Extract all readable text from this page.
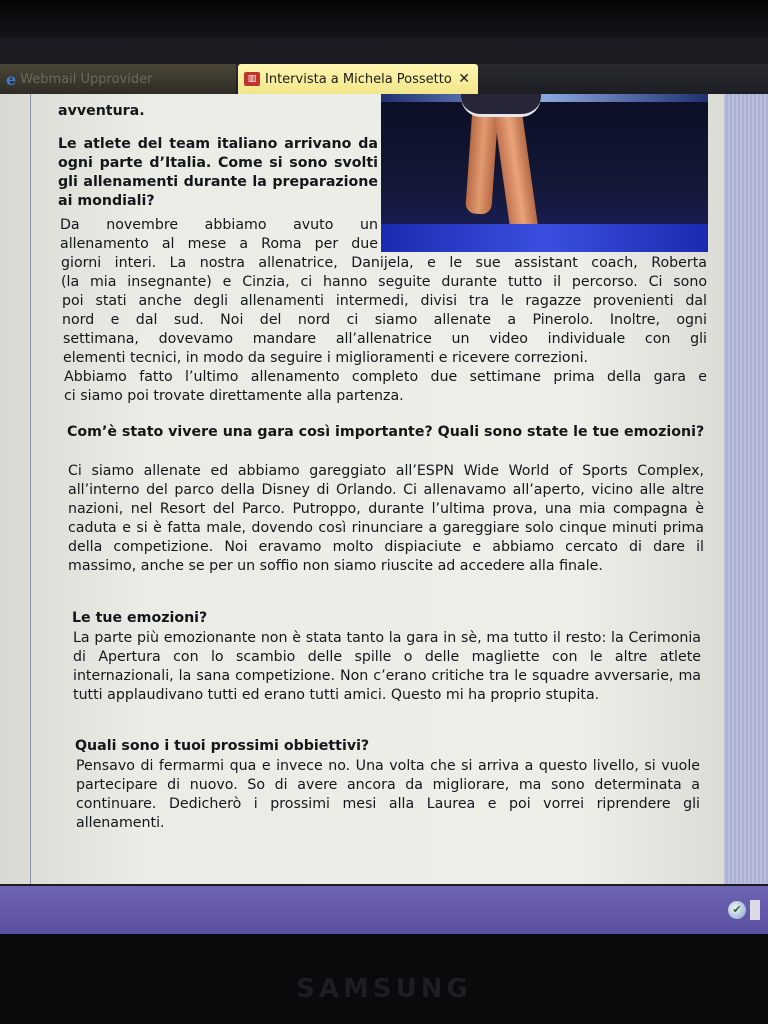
e Webmail Upprovider	▥ Intervista a Michela Possetto ✕
avventura.
Le atlete del team italiano arrivano da ogni parte d’Italia. Come si sono svolti gli allenamenti durante la preparazione ai mondiali?
Da novembre abbiamo avuto un
allenamento al mese a Roma per due
giorni interi. La nostra allenatrice, Danijela, e le sue assistant coach, Roberta
(la mia insegnante) e Cinzia, ci hanno seguite durante tutto il percorso. Ci sono
poi stati anche degli allenamenti intermedi, divisi tra le ragazze provenienti dal
nord e dal sud. Noi del nord ci siamo allenate a Pinerolo. Inoltre, ogni
settimana, dovevamo mandare all’allenatrice un video individuale con gli
elementi tecnici, in modo da seguire i miglioramenti e ricevere correzioni.
Abbiamo fatto l’ultimo allenamento completo due settimane prima della gara e
ci siamo poi trovate direttamente alla partenza.
Com’è stato vivere una gara così importante? Quali sono state le tue emozioni?
Ci siamo allenate ed abbiamo gareggiato all’ESPN Wide World of Sports Complex, all’interno del parco della Disney di Orlando. Ci allenavamo all’aperto, vicino alle altre nazioni, nel Resort del Parco. Putroppo, durante l’ultima prova, una mia compagna è caduta e si è fatta male, dovendo così rinunciare a gareggiare solo cinque minuti prima della competizione. Noi eravamo molto dispiaciute e abbiamo cercato di dare il massimo, anche se per un soffio non siamo riuscite ad accedere alla finale.
Le tue emozioni?
La parte più emozionante non è stata tanto la gara in sè, ma tutto il resto: la Cerimonia di Apertura con lo scambio delle spille o delle magliette con le altre atlete internazionali, la sana competizione. Non c’erano critiche tra le squadre avversarie, ma tutti applaudivano tutti ed erano tutti amici. Questo mi ha proprio stupita.
Quali sono i tuoi prossimi obbiettivi?
Pensavo di fermarmi qua e invece no. Una volta che si arriva a questo livello, si vuole partecipare di nuovo. So di avere ancora da migliorare, ma sono determinata a continuare. Dedicherò i prossimi mesi alla Laurea e poi vorrei riprendere gli allenamenti.
✔
SAMSUNG
